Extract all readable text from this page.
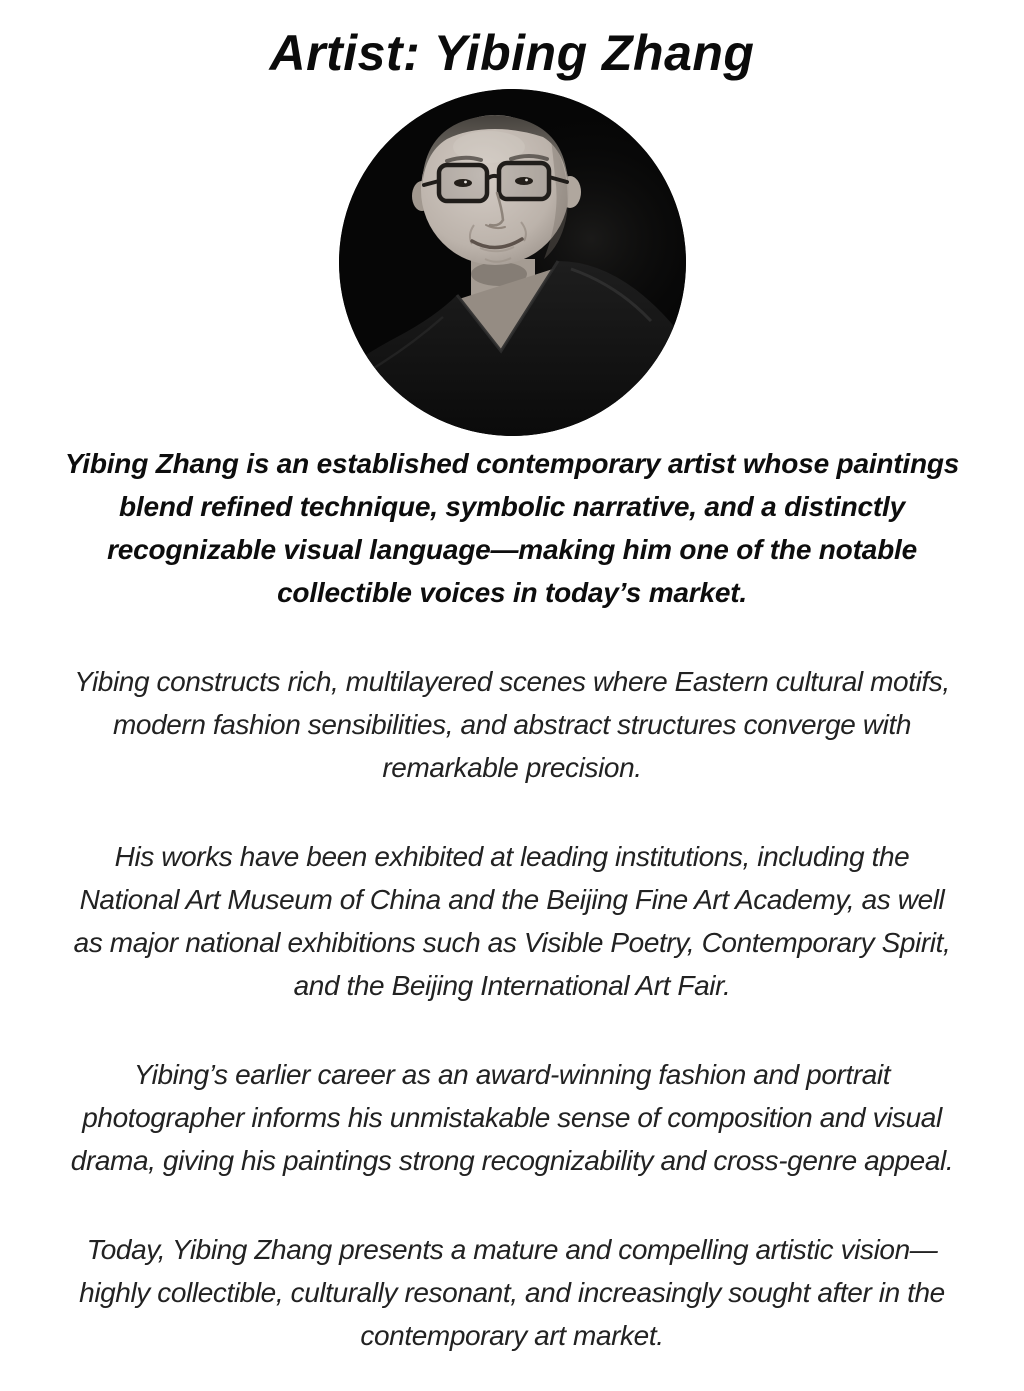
Artist: Yibing Zhang

Yibing Zhang is an established contemporary artist whose paintings
blend refined technique, symbolic narrative, and a distinctly
recognizable visual language—making him one of the notable
collectible voices in today’s market.

Yibing constructs rich, multilayered scenes where Eastern cultural motifs,
modern fashion sensibilities, and abstract structures converge with
remarkable precision.

His works have been exhibited at leading institutions, including the
National Art Museum of China and the Beijing Fine Art Academy, as well
as major national exhibitions such as Visible Poetry, Contemporary Spirit,
and the Beijing International Art Fair.

Yibing’s earlier career as an award-winning fashion and portrait
photographer informs his unmistakable sense of composition and visual
drama, giving his paintings strong recognizability and cross-genre appeal.

Today, Yibing Zhang presents a mature and compelling artistic vision—
highly collectible, culturally resonant, and increasingly sought after in the
contemporary art market.
